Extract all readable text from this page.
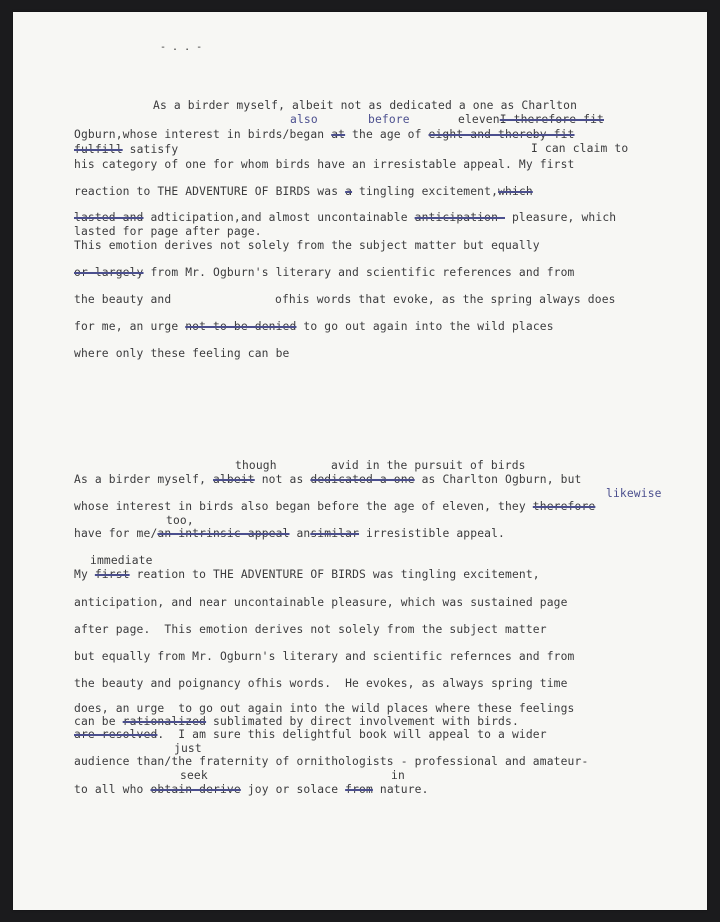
- . . -
As a birder myself, albeit not as dedicated a one as Charlton
also	before	elevenI therefore fit
Ogburn,whose interest in birds/began at the age of eight and thereby fit
fulfill satisfy	I can claim to
his category of one for whom birds have an irresistable appeal. My first
reaction to THE ADVENTURE OF BIRDS was a tingling excitement,which
lasted and adticipation,and almost uncontainable anticipation  pleasure, which
lasted for page after page.
This emotion derives not solely from the subject matter but equally
or largely from Mr. Ogburn's literary and scientific references and from
the beauty and	ofhis words that evoke, as the spring always does
for me, an urge not to be denied to go out again into the wild places
where only these feeling can be
though	avid in the pursuit of birds
As a birder myself, albeit not as dedicated a one as Charlton Ogburn, but
likewise
whose interest in birds also began before the age of eleven, they therefore
too,
have for me/an intrinsic appeal ansimilar irresistible appeal.
immediate
My first reation to THE ADVENTURE OF BIRDS was tingling excitement,
anticipation, and near uncontainable pleasure, which was sustained page
after page.  This emotion derives not solely from the subject matter
but equally from Mr. Ogburn's literary and scientific refernces and from
the beauty and poignancy ofhis words.  He evokes, as always spring time
does, an urge  to go out again into the wild places where these feelings
can be rationalized sublimated by direct involvement with birds.
are resolved.  I am sure this delightful book will appeal to a wider
just
audience than/the fraternity of ornithologists - professional and amateur-
seek	in
to all who obtain derive joy or solace from nature.
